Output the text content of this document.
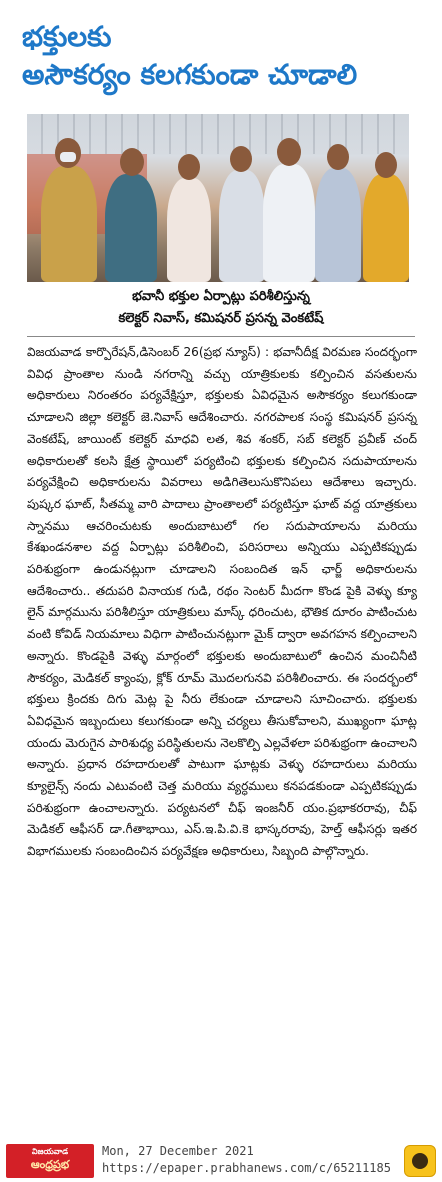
భక్తులకు
అసౌకర్యం కలగకుండా చూడాలి
భవానీ భక్తుల ఏర్పాట్లు పరిశీలిస్తున్న
కలెక్టర్ నివాస్, కమిషనర్ ప్రసన్న వెంకటేష్

విజయవాడ కార్పొరేషన్,డిసెంబర్ 26(ప్రభ న్యూస్) : భవానీదీక్ష విరమణ సందర్భంగా వివిధ ప్రాంతాల నుండి నగరాన్ని వచ్చు యాత్రికులకు కల్పించిన వసతులను అధికారులు నిరంతరం పర్యవేక్షిస్తూ, భక్తులకు ఏవిధమైన అసౌకర్యం కలుగకుండా చూడాలని జిల్లా కలెక్టర్ జె.నివాస్ ఆదేశించారు. నగరపాలక సంస్థ కమిషనర్ ప్రసన్న వెంకటేష్, జాయింట్ కలెక్టర్ మాధవి లత, శివ శంకర్, సబ్ కలెక్టర్ ప్రవీణ్ చంద్ అధికారులతో కలసి క్షేత్ర స్థాయిలో పర్యటించి భక్తులకు కల్పించిన సదుపాయాలను పర్యవేక్షించి అధికారులను వివరాలు అడిగితెలుసుకొనిపలు ఆదేశాలు ఇచ్చారు. పుష్కర ఘాట్, సీతమ్మ వారి పాదాలు ప్రాంతాలలో పర్యటిస్తూ ఘాట్ వద్ద యాత్రకులు స్నానము ఆచరించుటకు అందుబాటులో గల సదుపాయాలను మరియు కేశఖండనశాల వద్ద ఏర్పాట్లు పరిశీలించి, పరిసరాలు అన్నియు ఎప్పటికప్పుడు పరిశుభ్రంగా ఉండునట్లుగా చూడాలని సంబందిత ఇన్ ఛార్జ్ అధికారులను ఆదేశించారు.. తదుపరి వినాయక గుడి, రథం సెంటర్ మీదగా కొండ పైకి వెళ్ళు క్యూ లైన్ మార్గమును పరిశీలిస్తూ యాత్రికులు మాస్క్ ధరించుట, భౌతిక దూరం పాటించుట వంటి కోవిడ్ నియమాలు విధిగా పాటించునట్లుగా మైక్ ద్వారా అవగహన కల్పించాలని అన్నారు. కొండపైకి వెళ్ళు మార్గంలో భక్తులకు అందుబాటులో ఉంచిన మంచినీటి సౌకర్యం, మెడికల్ క్యాంపు, క్లోక్ రూమ్ మొదలగునవి పరిశీలించారు. ఈ సందర్బంలో భక్తులు క్రిందకు దిగు మెట్ల పై నీరు లేకుండా చూడాలని సూచించారు. భక్తులకు ఏవిధమైన ఇబ్బందులు కలుగకుండా అన్ని చర్యలు తీసుకోవాలని, ముఖ్యంగా ఘాట్ల యందు మెరుగైన పారిశుధ్య పరిస్థితులను నెలకొల్పి ఎల్లవేళలా పరిశుభ్రంగా ఉంచాలని అన్నారు. ప్రధాన రహదారులతో పాటుగా ఘాట్లకు వెళ్ళు రహదారులు మరియు క్యూలైన్స్ నందు ఎటువంటి చెత్త మరియు వ్యర్ధములు కనపడకుండా ఎప్పటికప్పుడు పరిశుభ్రంగా ఉంచాలన్నారు. పర్యటనలో చీఫ్ ఇంజనీర్ యం.ప్రభాకరరావు, చీఫ్ మెడికల్ ఆఫీసర్ డా.గీతాభాయి, ఎస్.ఇ.పి.వి.కె భాస్కరరావు, హెల్త్ ఆఫీసర్లు ఇతర విభాగములకు సంబందించిన పర్యవేక్షణ అధికారులు, సిబ్బంది పాల్గొన్నారు.

విజయవాడ
ఆంధ్రప్రభ
Mon, 27 December 2021
https://epaper.prabhanews.com/c/65211185
